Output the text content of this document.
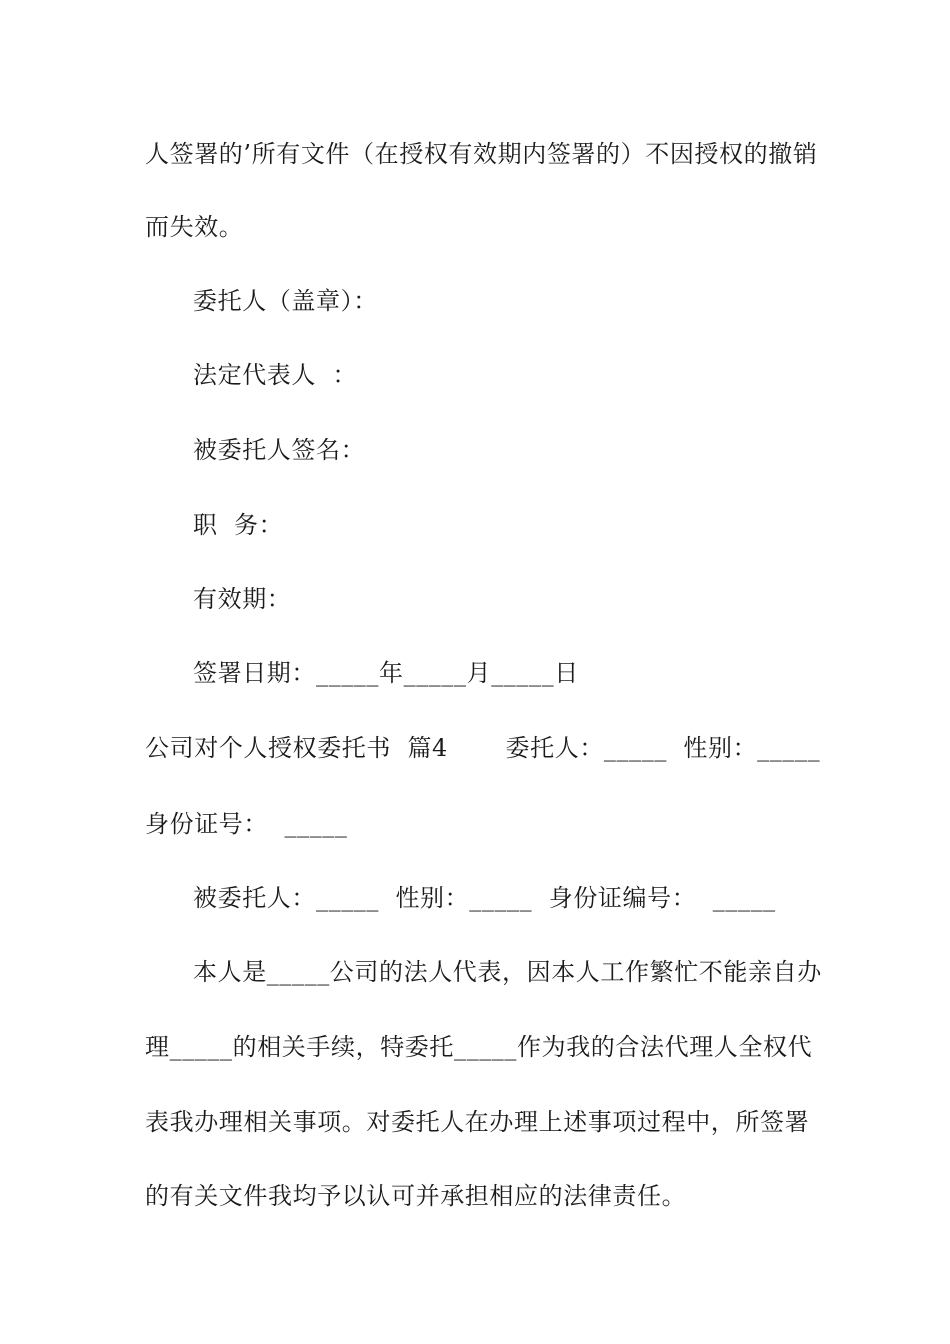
人签署的’所有文件（在授权有效期内签署的）不因授权的撤销
而失效。
委托人（盖章）：
法定代表人  ：
被委托人签名：
职  务：
有效期：
签署日期：_____年_____月_____日
公司对个人授权委托书  篇4       委托人：_____  性别：_____
身份证号：  _____
被委托人：_____  性别：_____  身份证编号：  _____
本人是_____公司的法人代表，因本人工作繁忙不能亲自办
理_____的相关手续，特委托_____作为我的合法代理人全权代
表我办理相关事项。对委托人在办理上述事项过程中，所签署
的有关文件我均予以认可并承担相应的法律责任。
